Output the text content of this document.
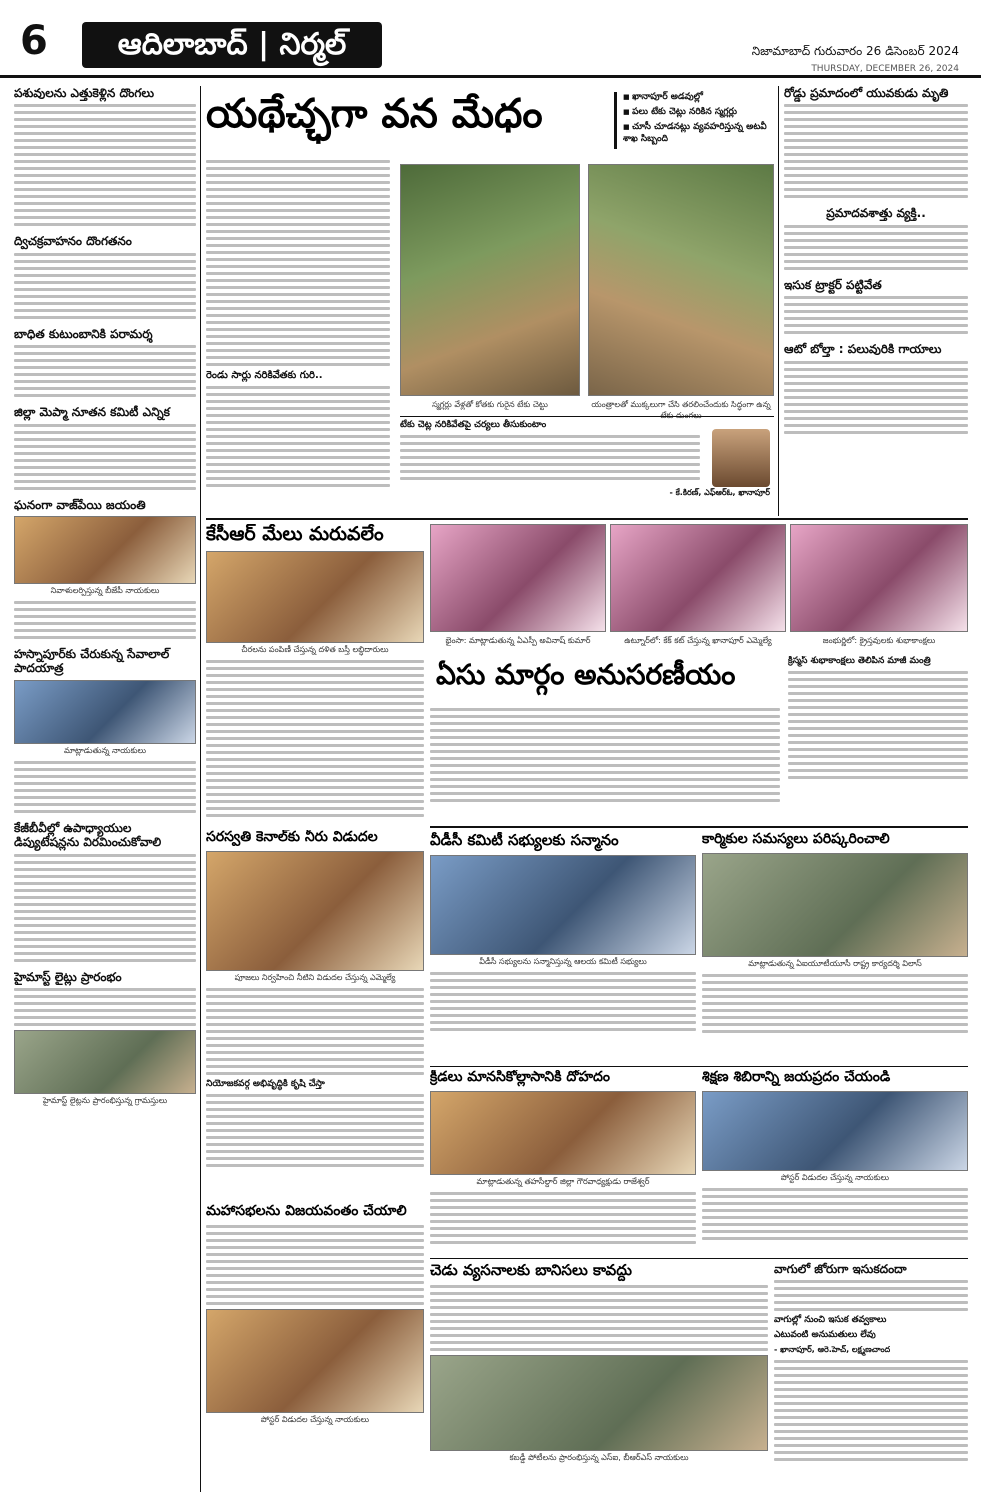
6	ఆదిలాబాద్ | నిర్మల్	నిజామాబాద్ గురువారం 26 డిసెంబర్ 2024
THURSDAY, DECEMBER 26, 2024
పశువులను ఎత్తుకెళ్లిన దొంగలు
ద్విచక్రవాహనం దొంగతనం
బాధిత కుటుంబానికి పరామర్శ
జిల్లా మెప్మా నూతన కమిటీ ఎన్నిక
ఘనంగా వాజ్‌పేయి జయంతి
నివాళులర్పిస్తున్న బీజేపీ నాయకులు
హస్నాపూర్‌కు చేరుకున్న సేవాలాల్ పాదయాత్ర
మాట్లాడుతున్న నాయకులు
కేజీబీవీల్లో ఉపాధ్యాయుల
డిప్యుటేషన్లను విరమించుకోవాలి
హైమాస్ట్ లైట్లు ప్రారంభం
హైమాస్ట్ లైట్లను ప్రారంభిస్తున్న గ్రామస్తులు
యథేచ్ఛగా వన మేధం
■	ఖానాపూర్ అడవుల్లో
■ పలు టేకు చెట్లు నరికిన స్మగ్లర్లు
■ చూసీ చూడనట్లు వ్యవహరిస్తున్న అటవీ శాఖ సిబ్బంది
రెండు సార్లు నరికివేతకు గురి..
స్మగ్లర్లు వేళ్లతో కోతకు గురైన టేకు చెట్టు	యంత్రాలతో ముక్కలుగా చేసి తరలించేందుకు సిద్ధంగా ఉన్న టేకు దుంగలు
టేకు చెట్ల నరికివేతపై చర్యలు తీసుకుంటాం
- కే.కిరణ్, ఎఫ్‌ఆర్‌ఓ, ఖానాపూర్
రోడ్డు ప్రమాదంలో యువకుడు మృతి
ప్రమాదవశాత్తు వ్యక్తి..
ఇసుక ట్రాక్టర్ పట్టివేత
ఆటో బోల్తా : పలువురికి గాయాలు
కేసీఆర్ మేలు మరువలేం
చీరలను పంపిణీ చేస్తున్న దళిత బస్తీ లబ్ధిదారులు
భైంసా: మాట్లాడుతున్న ఏఎస్పీ అవినాష్ కుమార్	ఉట్నూర్‌లో: కేక్ కట్ చేస్తున్న ఖానాపూర్ ఎమ్మెల్యే	జంభుర్ణిలో: క్రైస్తవులకు శుభాకాంక్షలు
ఏసు మార్గం అనుసరణీయం	క్రిస్మస్ శుభాకాంక్షలు తెలిపిన మాజీ మంత్రి
సరస్వతి కెనాల్‌కు నీరు విడుదల
పూజలు నిర్వహించి నీటిని విడుదల చేస్తున్న ఎమ్మెల్యే
నియోజకవర్గ అభివృద్ధికి కృషి చేస్తా
వీడీసీ కమిటీ సభ్యులకు సన్మానం
వీడీసీ సభ్యులను సన్మానిస్తున్న ఆలయ కమిటీ సభ్యులు
కార్మికుల సమస్యలు పరిష్కరించాలి
మాట్లాడుతున్న ఏఐయూటీయూసీ రాష్ట్ర కార్యదర్శి విలాస్
క్రీడలు మానసికోల్లాసానికి దోహదం
మాట్లాడుతున్న తహసీల్దార్ జిల్లా గౌరవాధ్యక్షుడు రాజేశ్వర్
శిక్షణ శిబిరాన్ని జయప్రదం చేయండి
పోస్టర్ విడుదల చేస్తున్న నాయకులు
మహాసభలను విజయవంతం చేయాలి
పోస్టర్ విడుదల చేస్తున్న నాయకులు
చెడు వ్యసనాలకు బానిసలు కావద్దు
కబడ్డీ పోటీలను ప్రారంభిస్తున్న ఎస్ఐ, బీఆర్ఎస్ నాయకులు
వాగులో జోరుగా ఇసుకదందా
వాగుల్లో నుంచి ఇసుక తవ్వకాలు
ఎటువంటి అనుమతులు లేవు
- ఖానాపూర్, ఆరె.హెచ్, లక్ష్మణచాంద
